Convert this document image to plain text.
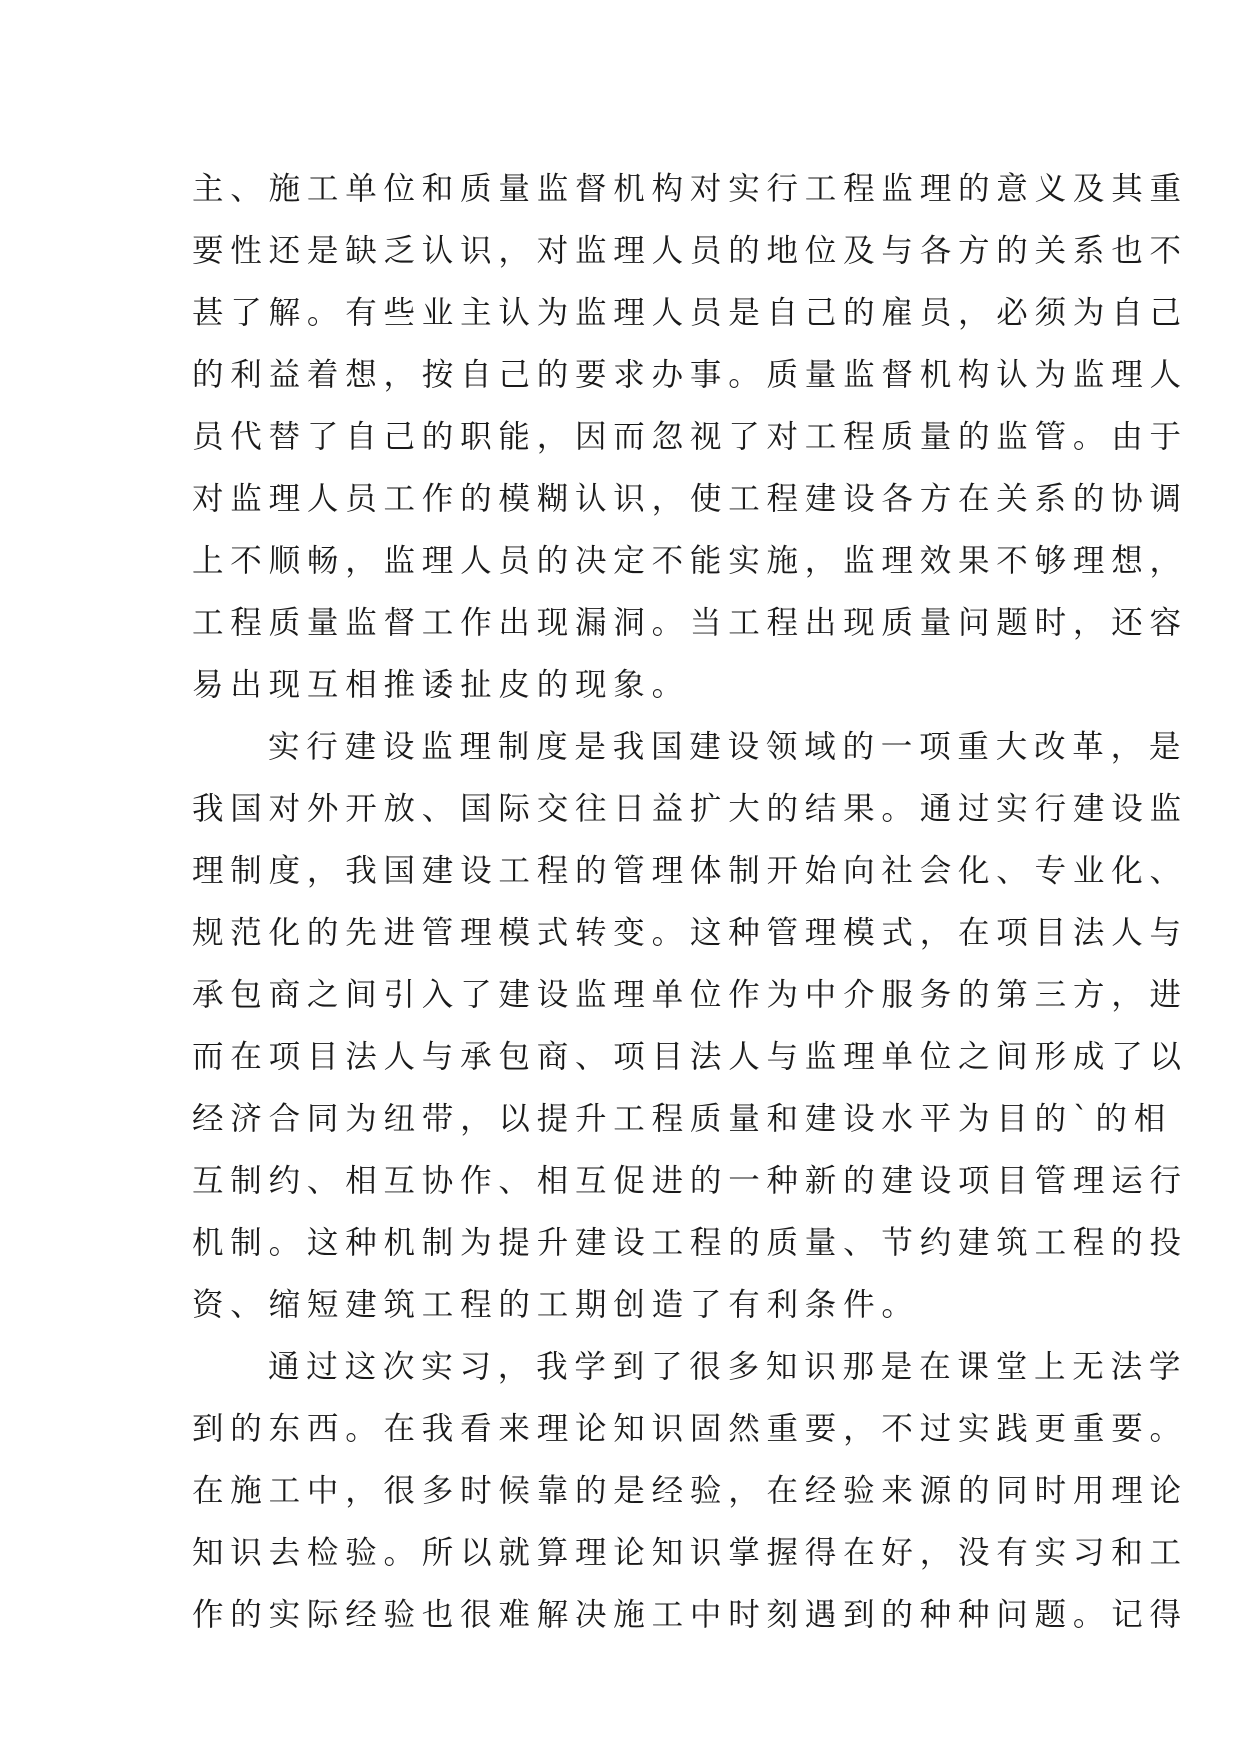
主、施工单位和质量监督机构对实行工程监理的意义及其重
要性还是缺乏认识，对监理人员的地位及与各方的关系也不
甚了解。有些业主认为监理人员是自己的雇员，必须为自己
的利益着想，按自己的要求办事。质量监督机构认为监理人
员代替了自己的职能，因而忽视了对工程质量的监管。由于
对监理人员工作的模糊认识，使工程建设各方在关系的协调
上不顺畅，监理人员的决定不能实施，监理效果不够理想，
工程质量监督工作出现漏洞。当工程出现质量问题时，还容
易出现互相推诿扯皮的现象。
实行建设监理制度是我国建设领域的一项重大改革，是
我国对外开放、国际交往日益扩大的结果。通过实行建设监
理制度，我国建设工程的管理体制开始向社会化、专业化、
规范化的先进管理模式转变。这种管理模式，在项目法人与
承包商之间引入了建设监理单位作为中介服务的第三方，进
而在项目法人与承包商、项目法人与监理单位之间形成了以
经济合同为纽带，以提升工程质量和建设水平为目的`的相
互制约、相互协作、相互促进的一种新的建设项目管理运行
机制。这种机制为提升建设工程的质量、节约建筑工程的投
资、缩短建筑工程的工期创造了有利条件。
通过这次实习，我学到了很多知识那是在课堂上无法学
到的东西。在我看来理论知识固然重要，不过实践更重要。
在施工中，很多时候靠的是经验，在经验来源的同时用理论
知识去检验。所以就算理论知识掌握得在好，没有实习和工
作的实际经验也很难解决施工中时刻遇到的种种问题。记得
